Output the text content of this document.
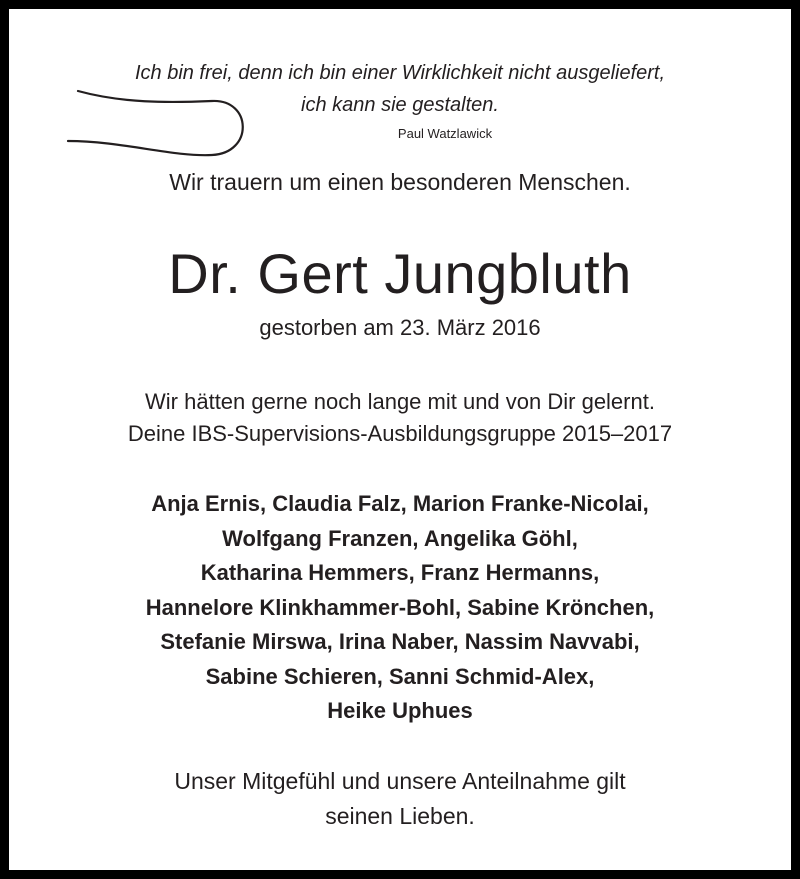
Ich bin frei, denn ich bin einer Wirklichkeit nicht ausgeliefert,
ich kann sie gestalten.
Paul Watzlawick
Wir trauern um einen besonderen Menschen.
Dr. Gert Jungbluth
gestorben am 23. März 2016
Wir hätten gerne noch lange mit und von Dir gelernt.
Deine IBS-Supervisions-Ausbildungsgruppe 2015–2017
Anja Ernis, Claudia Falz, Marion Franke-Nicolai,
Wolfgang Franzen, Angelika Göhl,
Katharina Hemmers, Franz Hermanns,
Hannelore Klinkhammer-Bohl, Sabine Krönchen,
Stefanie Mirswa, Irina Naber, Nassim Navvabi,
Sabine Schieren, Sanni Schmid-Alex,
Heike Uphues
Unser Mitgefühl und unsere Anteilnahme gilt
seinen Lieben.
